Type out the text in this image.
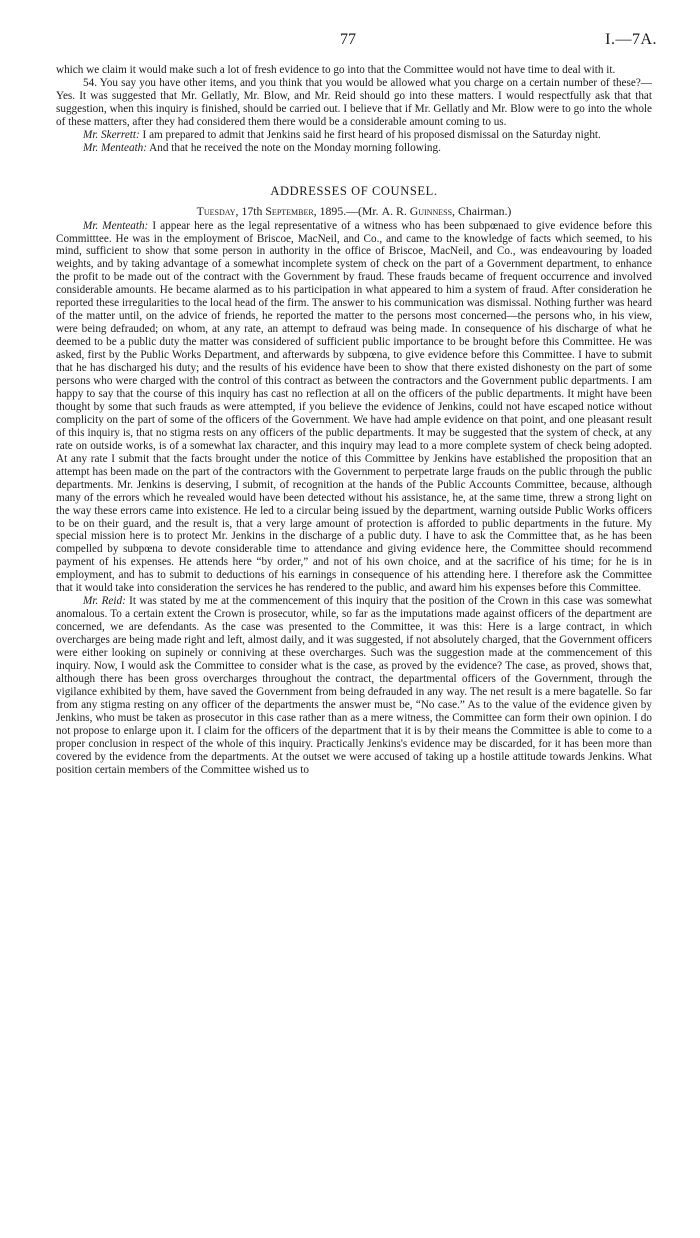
77	I.—7A.

which we claim it would make such a lot of fresh evidence to go into that the Committee would not have time to deal with it.

54. You say you have other items, and you think that you would be allowed what you charge on a certain number of these?—Yes. It was suggested that Mr. Gellatly, Mr. Blow, and Mr. Reid should go into these matters. I would respectfully ask that that suggestion, when this inquiry is finished, should be carried out. I believe that if Mr. Gellatly and Mr. Blow were to go into the whole of these matters, after they had considered them there would be a considerable amount coming to us.

Mr. Skerrett: I am prepared to admit that Jenkins said he first heard of his proposed dismissal on the Saturday night.

Mr. Menteath: And that he received the note on the Monday morning following.

ADDRESSES OF COUNSEL.

Tuesday, 17th September, 1895.—(Mr. A. R. Guinness, Chairman.)

Mr. Menteath: I appear here as the legal representative of a witness who has been subpœnaed to give evidence before this Committtee. He was in the employment of Briscoe, MacNeil, and Co., and came to the knowledge of facts which seemed, to his mind, sufficient to show that some person in authority in the office of Briscoe, MacNeil, and Co., was endeavouring by loaded weights, and by taking advantage of a somewhat incomplete system of check on the part of a Government department, to enhance the profit to be made out of the contract with the Government by fraud. These frauds became of frequent occurrence and involved considerable amounts. He became alarmed as to his participation in what appeared to him a system of fraud. After consideration he reported these irregularities to the local head of the firm. The answer to his communication was dismissal. Nothing further was heard of the matter until, on the advice of friends, he reported the matter to the persons most concerned—the persons who, in his view, were being defrauded; on whom, at any rate, an attempt to defraud was being made. In consequence of his discharge of what he deemed to be a public duty the matter was considered of sufficient public importance to be brought before this Committee. He was asked, first by the Public Works Department, and afterwards by subpœna, to give evidence before this Committee. I have to submit that he has discharged his duty; and the results of his evidence have been to show that there existed dishonesty on the part of some persons who were charged with the control of this contract as between the contractors and the Government public departments. I am happy to say that the course of this inquiry has cast no reflection at all on the officers of the public departments. It might have been thought by some that such frauds as were attempted, if you believe the evidence of Jenkins, could not have escaped notice without complicity on the part of some of the officers of the Government. We have had ample evidence on that point, and one pleasant result of this inquiry is, that no stigma rests on any officers of the public departments. It may be suggested that the system of check, at any rate on outside works, is of a somewhat lax character, and this inquiry may lead to a more complete system of check being adopted. At any rate I submit that the facts brought under the notice of this Committee by Jenkins have established the proposition that an attempt has been made on the part of the contractors with the Government to perpetrate large frauds on the public through the public departments. Mr. Jenkins is deserving, I submit, of recognition at the hands of the Public Accounts Committee, because, although many of the errors which he revealed would have been detected without his assistance, he, at the same time, threw a strong light on the way these errors came into existence. He led to a circular being issued by the department, warning outside Public Works officers to be on their guard, and the result is, that a very large amount of protection is afforded to public departments in the future. My special mission here is to protect Mr. Jenkins in the discharge of a public duty. I have to ask the Committee that, as he has been compelled by subpœna to devote considerable time to attendance and giving evidence here, the Committee should recommend payment of his expenses. He attends here “by order,” and not of his own choice, and at the sacrifice of his time; for he is in employment, and has to submit to deductions of his earnings in consequence of his attending here. I therefore ask the Committee that it would take into consideration the services he has rendered to the public, and award him his expenses before this Committee.

Mr. Reid: It was stated by me at the commencement of this inquiry that the position of the Crown in this case was somewhat anomalous. To a certain extent the Crown is prosecutor, while, so far as the imputations made against officers of the department are concerned, we are defendants. As the case was presented to the Committee, it was this: Here is a large contract, in which overcharges are being made right and left, almost daily, and it was suggested, if not absolutely charged, that the Government officers were either looking on supinely or conniving at these overcharges. Such was the suggestion made at the commencement of this inquiry. Now, I would ask the Committee to consider what is the case, as proved by the evidence? The case, as proved, shows that, although there has been gross overcharges throughout the contract, the departmental officers of the Government, through the vigilance exhibited by them, have saved the Government from being defrauded in any way. The net result is a mere bagatelle. So far from any stigma resting on any officer of the departments the answer must be, “No case.” As to the value of the evidence given by Jenkins, who must be taken as prosecutor in this case rather than as a mere witness, the Committee can form their own opinion. I do not propose to enlarge upon it. I claim for the officers of the department that it is by their means the Committee is able to come to a proper conclusion in respect of the whole of this inquiry. Practically Jenkins's evidence may be discarded, for it has been more than covered by the evidence from the departments. At the outset we were accused of taking up a hostile attitude towards Jenkins. What position certain members of the Committee wished us to
